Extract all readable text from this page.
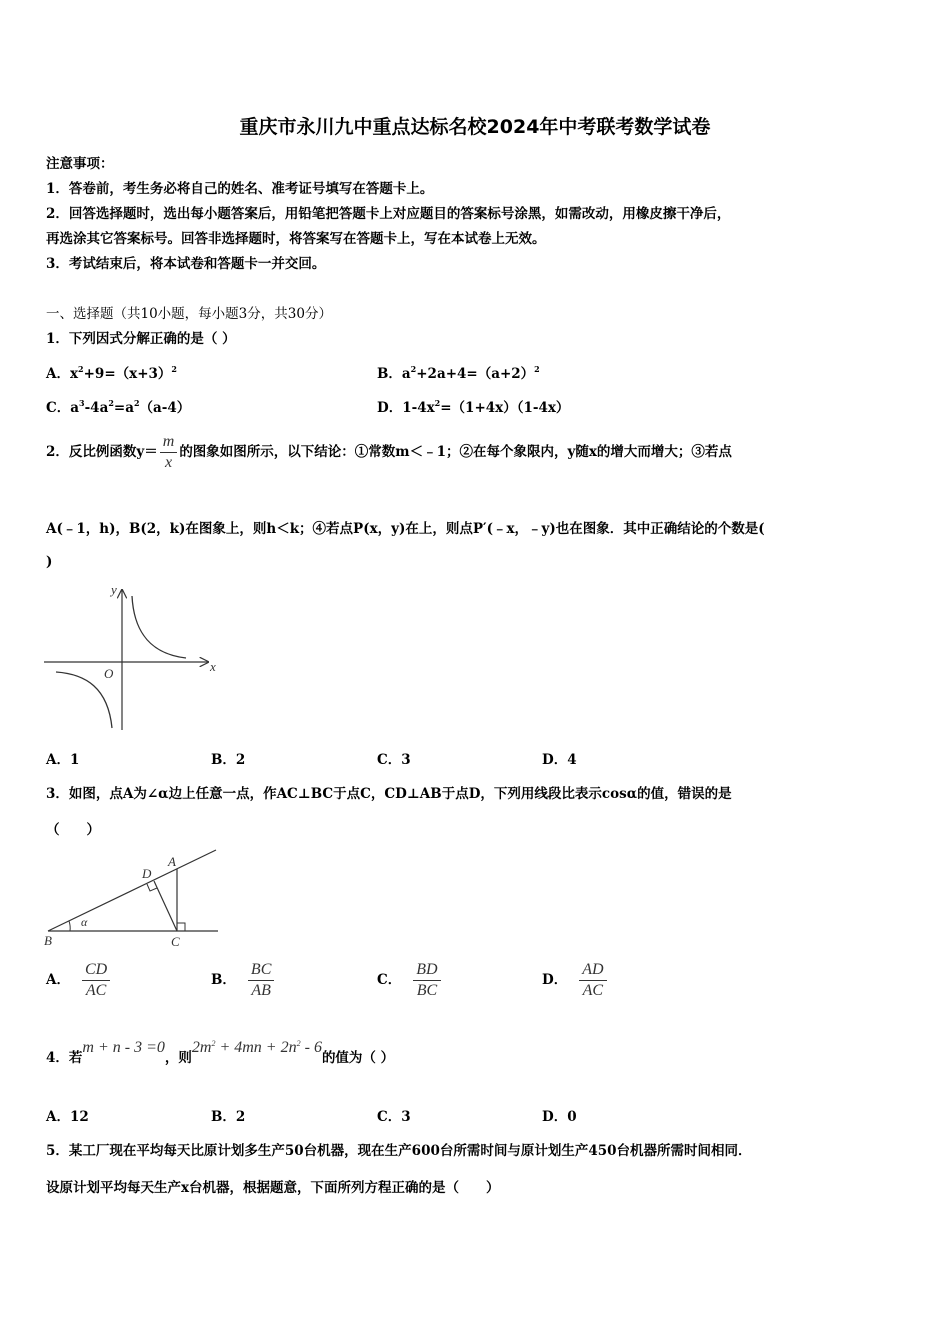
重庆市永川九中重点达标名校2024年中考联考数学试卷
注意事项：
1．答卷前，考生务必将自己的姓名、准考证号填写在答题卡上。
2．回答选择题时，选出每小题答案后，用铅笔把答题卡上对应题目的答案标号涂黑，如需改动，用橡皮擦干净后，
再选涂其它答案标号。回答非选择题时，将答案写在答题卡上，写在本试卷上无效。
3．考试结束后，将本试卷和答题卡一并交回。
一、选择题（共10小题，每小题3分，共30分）
1．下列因式分解正确的是（ ）
A．$x^2+9=(x+3)^2$	B．$a^2+2a+4=(a+2)^2$
C．$a^3-4a^2=a^2(a-4)$	D．$1-4x^2=(1+4x)(1-4x)$
2．反比例函数$y= \frac{m}{x}$ 的图象如图所示，以下结论：①常数m＜﹣1；②在每个象限内，y随x的增大而增大；③若点
A(﹣1，h)，B(2，k)在图象上，则h＜k；④若点P(x，y)在上，则点P′(﹣x，﹣y)也在图象．其中正确结论的个数是(
)
x
y
O
A．1	B．2	C．3	D．4
3．如图，点A为∠α边上任意一点，作AC⊥BC于点C，CD⊥AB于点D，下列用线段比表示cosα的值，错误的是
（　　）
α
B	C
D
A
A． $\frac{CD}{AC}$	B． $\frac{BC}{AB}$	C． $\frac{BD}{BC}$	D． $\frac{AD}{AC}$
4．若m + n - 3 =0，则$2m^2 + 4mn + 2n^2 - 6$的值为（ ）
A．12	B．2	C．3	D．0
5．某工厂现在平均每天比原计划多生产50台机器，现在生产600台所需时间与原计划生产450台机器所需时间相同．
设原计划平均每天生产x台机器，根据题意，下面所列方程正确的是（　　）
